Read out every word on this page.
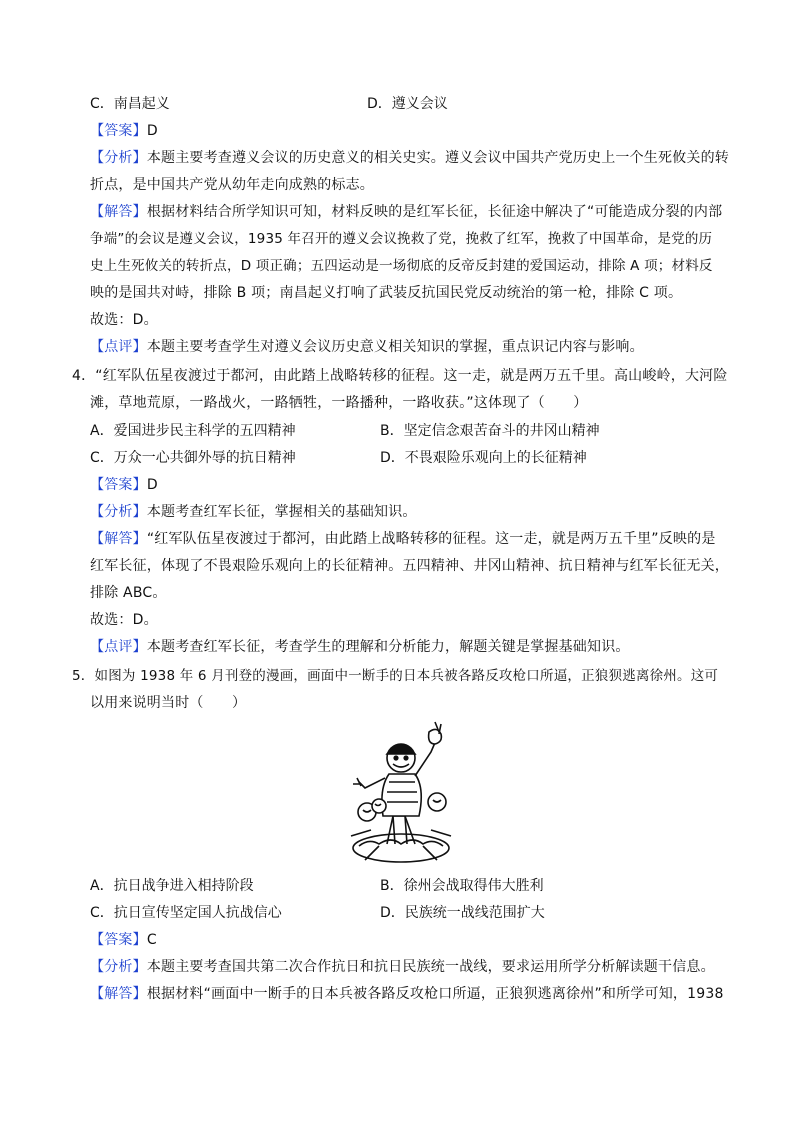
C．南昌起义	D．遵义会议
【答案】D
【分析】本题主要考查遵义会议的历史意义的相关史实。遵义会议中国共产党历史上一个生死攸关的转
折点，是中国共产党从幼年走向成熟的标志。
【解答】根据材料结合所学知识可知，材料反映的是红军长征，长征途中解决了“可能造成分裂的内部
争端”的会议是遵义会议，1935 年召开的遵义会议挽救了党，挽救了红军，挽救了中国革命，是党的历
史上生死攸关的转折点，D 项正确；五四运动是一场彻底的反帝反封建的爱国运动，排除 A 项；材料反
映的是国共对峙，排除 B 项；南昌起义打响了武装反抗国民党反动统治的第一枪，排除 C 项。
故选：D。
【点评】本题主要考查学生对遵义会议历史意义相关知识的掌握，重点识记内容与影响。
4．“红军队伍星夜渡过于都河，由此踏上战略转移的征程。这一走，就是两万五千里。高山峻岭，大河险
滩，草地荒原，一路战火，一路牺牲，一路播种，一路收获。”这体现了（　　）
A．爱国进步民主科学的五四精神	B．坚定信念艰苦奋斗的井冈山精神
C．万众一心共御外辱的抗日精神	D．不畏艰险乐观向上的长征精神
【答案】D
【分析】本题考查红军长征，掌握相关的基础知识。
【解答】“红军队伍星夜渡过于都河，由此踏上战略转移的征程。这一走，就是两万五千里”反映的是
红军长征，体现了不畏艰险乐观向上的长征精神。五四精神、井冈山精神、抗日精神与红军长征无关，
排除 ABC。
故选：D。
【点评】本题考查红军长征，考查学生的理解和分析能力，解题关键是掌握基础知识。
5．如图为 1938 年 6 月刊登的漫画，画面中一断手的日本兵被各路反攻枪口所逼，正狼狈逃离徐州。这可
以用来说明当时（　　）
A．抗日战争进入相持阶段	B．徐州会战取得伟大胜利
C．抗日宣传坚定国人抗战信心	D．民族统一战线范围扩大
【答案】C
【分析】本题主要考查国共第二次合作抗日和抗日民族统一战线，要求运用所学分析解读题干信息。
【解答】根据材料“画面中一断手的日本兵被各路反攻枪口所逼，正狼狈逃离徐州”和所学可知，1938
